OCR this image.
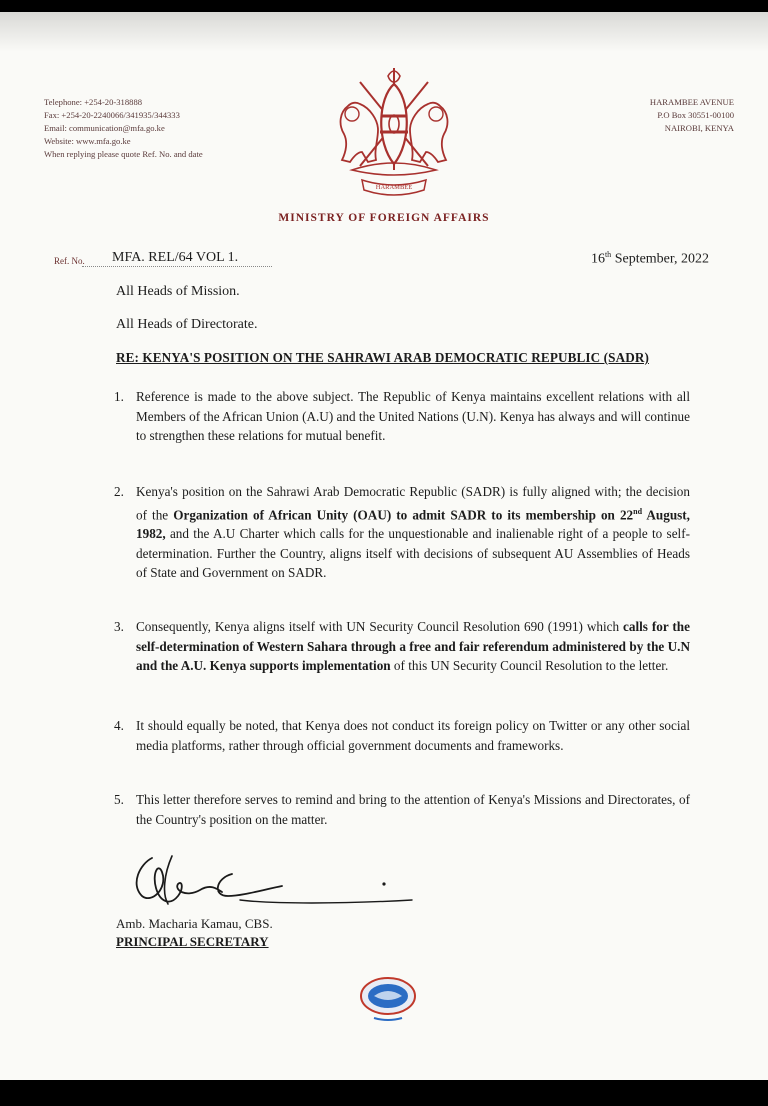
Telephone: +254-20-318888
Fax: +254-20-2240066/341935/344333
Email: communication@mfa.go.ke
Website: www.mfa.go.ke
When replying please quote Ref. No. and date
HARAMBEE AVENUE
P.O Box 30551-00100
NAIROBI, KENYA
HARAMBEE
MINISTRY OF FOREIGN AFFAIRS
Ref. No. MFA. REL/64 VOL 1.	16th September, 2022
All Heads of Mission.
All Heads of Directorate.
RE: KENYA'S POSITION ON THE SAHRAWI ARAB DEMOCRATIC REPUBLIC (SADR)
1. Reference is made to the above subject. The Republic of Kenya maintains excellent relations with all Members of the African Union (A.U) and the United Nations (U.N). Kenya has always and will continue to strengthen these relations for mutual benefit.
2. Kenya's position on the Sahrawi Arab Democratic Republic (SADR) is fully aligned with; the decision of the Organization of African Unity (OAU) to admit SADR to its membership on 22nd August, 1982, and the A.U Charter which calls for the unquestionable and inalienable right of a people to self-determination. Further the Country, aligns itself with decisions of subsequent AU Assemblies of Heads of State and Government on SADR.
3. Consequently, Kenya aligns itself with UN Security Council Resolution 690 (1991) which calls for the self-determination of Western Sahara through a free and fair referendum administered by the U.N and the A.U. Kenya supports implementation of this UN Security Council Resolution to the letter.
4. It should equally be noted, that Kenya does not conduct its foreign policy on Twitter or any other social media platforms, rather through official government documents and frameworks.
5. This letter therefore serves to remind and bring to the attention of Kenya's Missions and Directorates, of the Country's position on the matter.
Amb. Macharia Kamau, CBS.
PRINCIPAL SECRETARY
